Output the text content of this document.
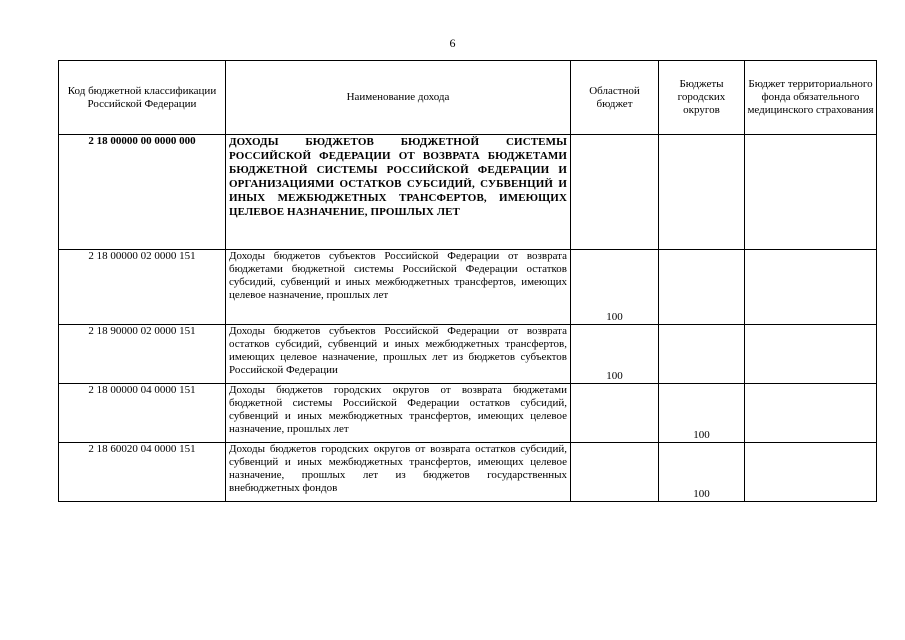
6
Код бюджетной классификации Российской Федерации	Наименование дохода	Областной бюджет	Бюджеты городских округов	Бюджет территориального фонда обязательного медицинского страхования
2 18 00000 00 0000 000	ДОХОДЫ БЮДЖЕТОВ БЮДЖЕТНОЙ СИСТЕМЫ РОССИЙСКОЙ ФЕДЕРАЦИИ ОТ ВОЗВРАТА БЮДЖЕТАМИ БЮДЖЕТНОЙ СИСТЕМЫ РОССИЙСКОЙ ФЕДЕРАЦИИ И ОРГАНИЗАЦИЯМИ ОСТАТКОВ СУБСИДИЙ, СУБВЕНЦИЙ И ИНЫХ МЕЖБЮДЖЕТНЫХ ТРАНСФЕРТОВ, ИМЕЮЩИХ ЦЕЛЕВОЕ НАЗНАЧЕНИЕ, ПРОШЛЫХ ЛЕТ			
2 18 00000 02 0000 151	Доходы бюджетов субъектов Российской Федерации от возврата бюджетами бюджетной системы Российской Федерации остатков субсидий, субвенций и иных межбюджетных трансфертов, имеющих целевое назначение, прошлых лет	100		
2 18 90000 02 0000 151	Доходы бюджетов субъектов Российской Федерации от возврата остатков субсидий, субвенций и иных межбюджетных трансфертов, имеющих целевое назначение, прошлых лет из бюджетов субъектов Российской Федерации	100		
2 18 00000 04 0000 151	Доходы бюджетов городских округов от возврата бюджетами бюджетной системы Российской Федерации остатков субсидий, субвенций и иных межбюджетных трансфертов, имеющих целевое назначение, прошлых лет		100	
2 18 60020 04 0000 151	Доходы бюджетов городских округов от возврата остатков субсидий, субвенций и иных межбюджетных трансфертов, имеющих целевое назначение, прошлых лет из бюджетов государственных внебюджетных фондов		100	
